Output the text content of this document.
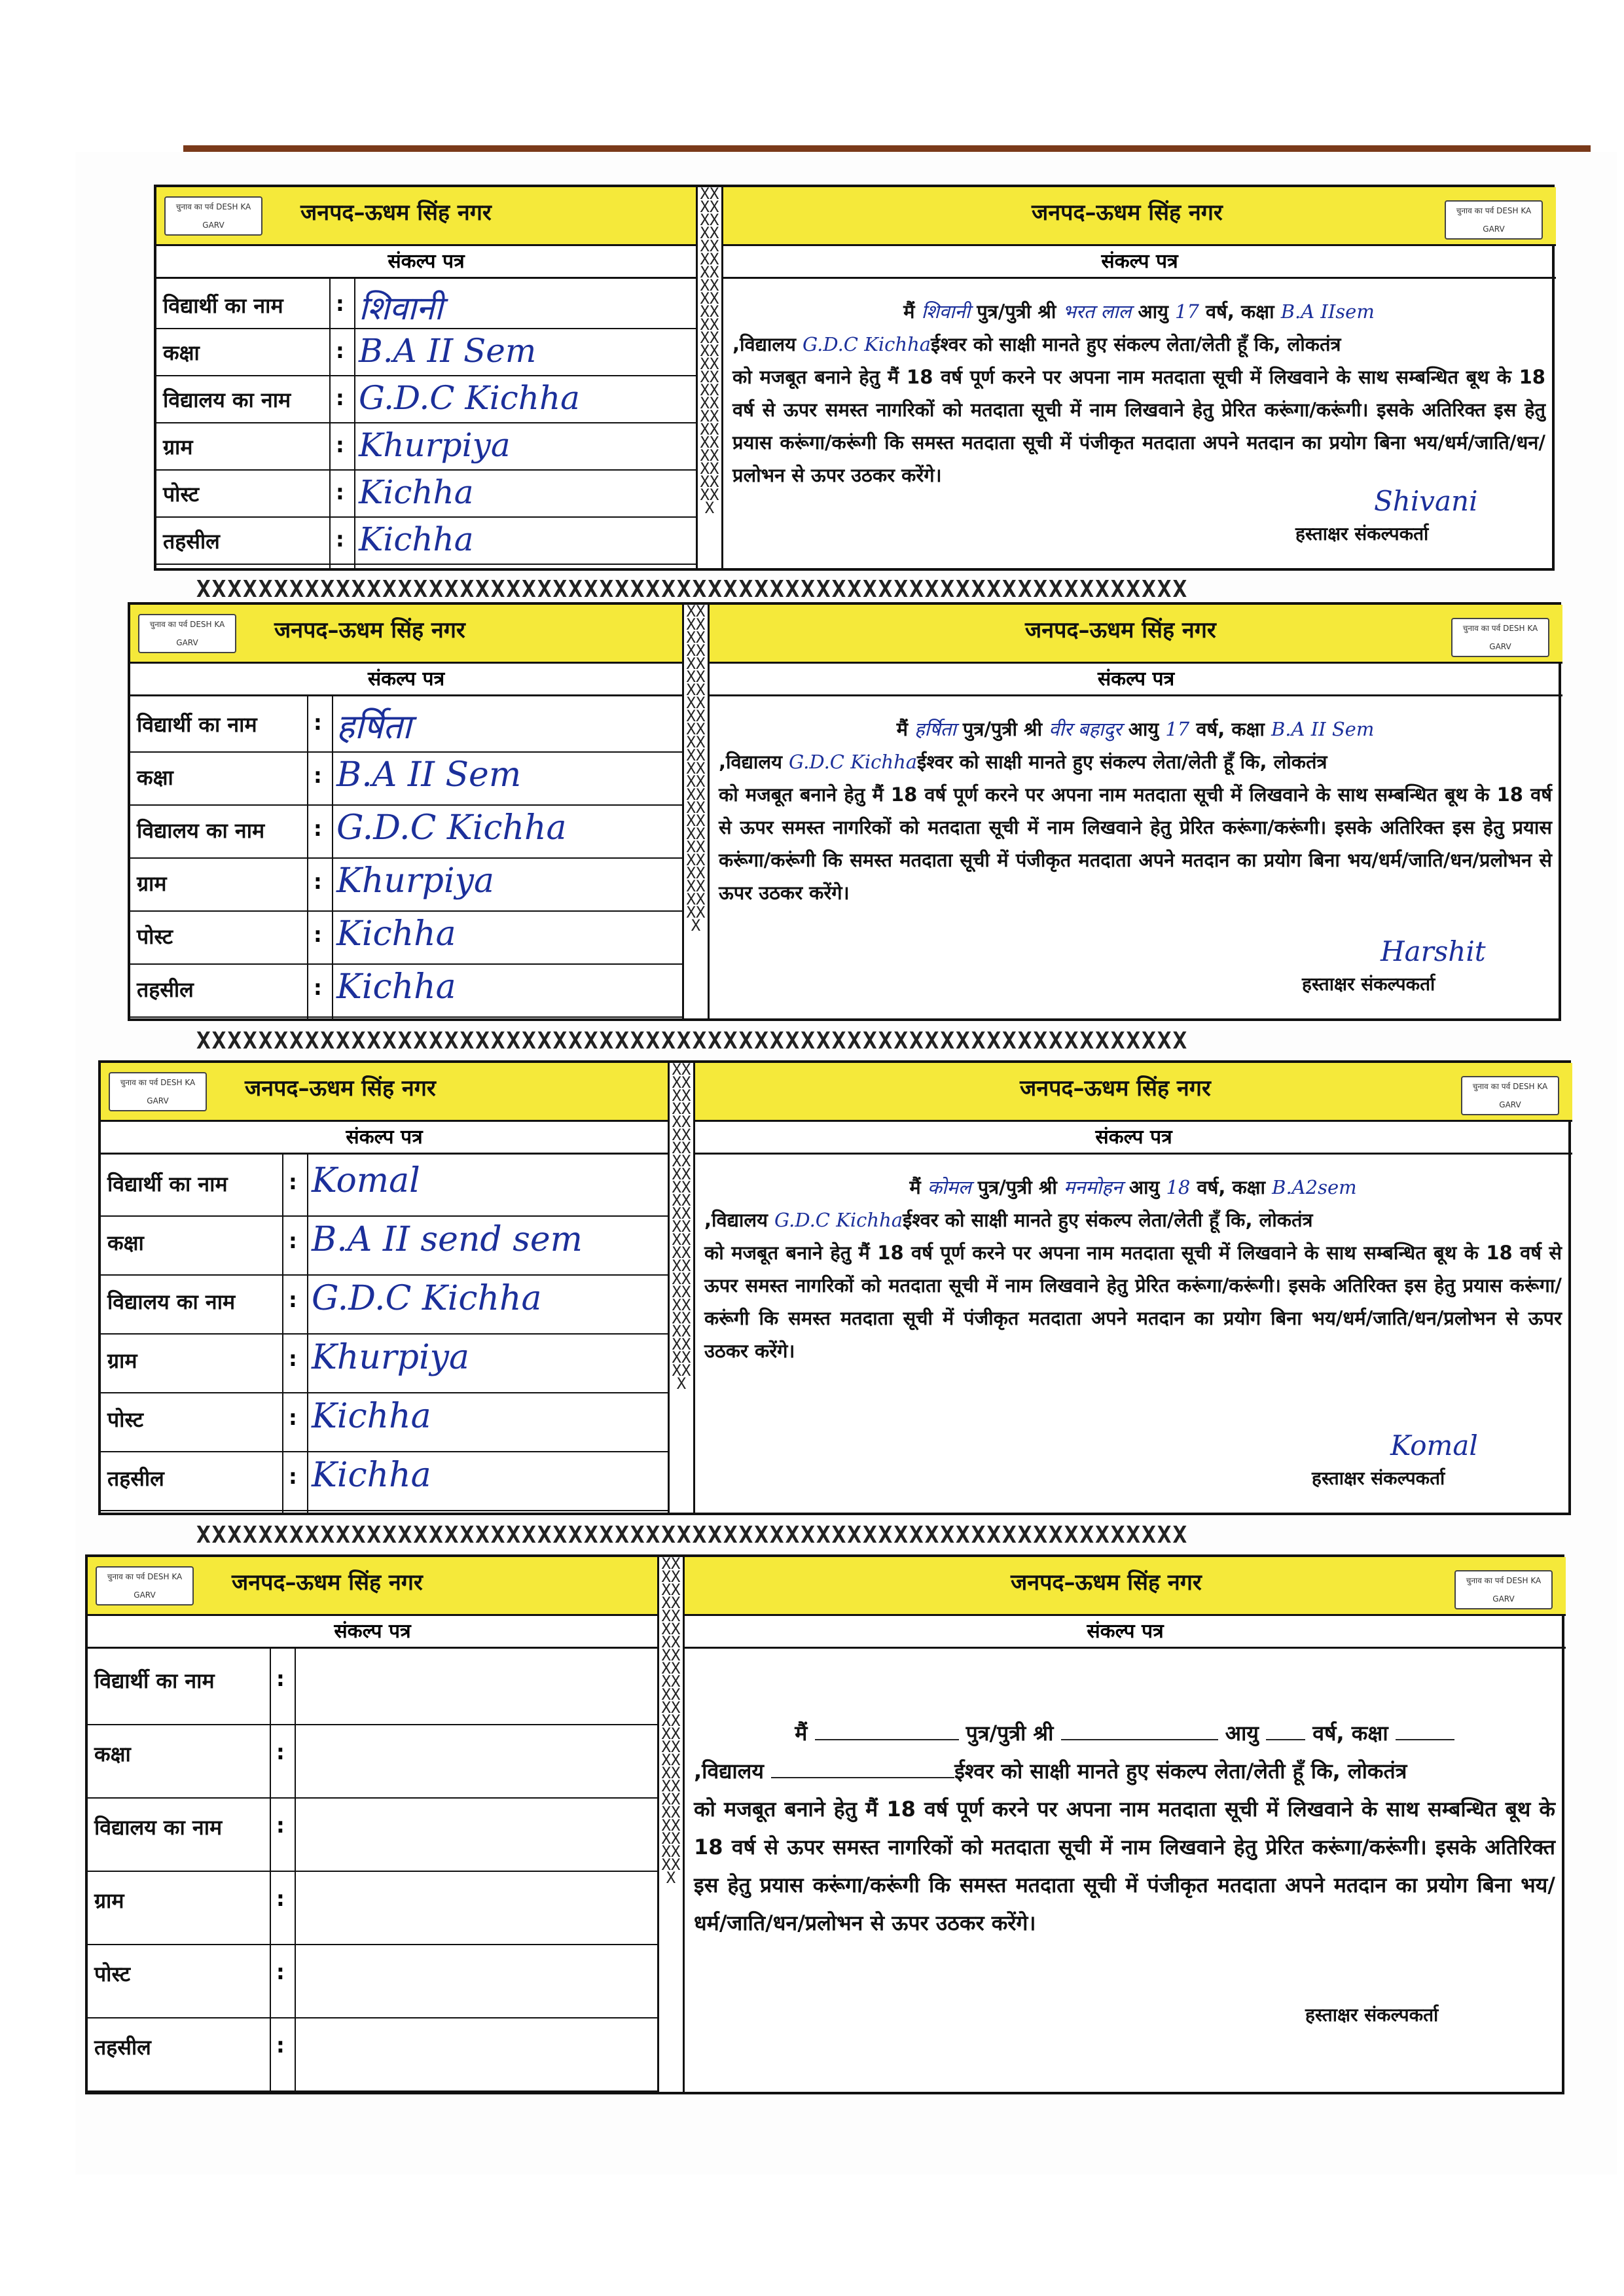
चुनाव का पर्व DESH KA GARV	जनपद–ऊधम सिंह नगर
संकल्प पत्र
XXXXXXXXXXXXXXXXXXXXXXXXXXXXXXXXXXXXXXXXXXXXXXXXX
जनपद–ऊधम सिंह नगर	चुनाव का पर्व DESH KA GARV
संकल्प पत्र
विद्यार्थी का नाम	: शिवानी
कक्षा	: B.A II Sem
विद्यालय का नाम : G.D.C Kichha
ग्राम	: Khurpiya
पोस्ट	: Kichha
तहसील	: Kichha
मैं शिवानी पुत्र/पुत्री श्री भरत लाल आयु 17 वर्ष, कक्षा B.A IIsem
,विद्यालय G.D.C Kichhaईश्वर को साक्षी मानते हुए संकल्प लेता/लेती हूँ कि, लोकतंत्र
को मजबूत बनाने हेतु मैं 18 वर्ष पूर्ण करने पर अपना नाम मतदाता सूची में लिखवाने के साथ सम्बन्धित बूथ के 18 वर्ष से ऊपर समस्त नागरिकों को मतदाता सूची में नाम लिखवाने हेतु प्रेरित करूंगा/करूंगी। इसके अतिरिक्त इस हेतु प्रयास करूंगा/करूंगी कि समस्त मतदाता सूची में पंजीकृत मतदाता अपने मतदान का प्रयोग बिना भय/धर्म/जाति/धन/प्रलोभन से ऊपर उठकर करेंगे।
Shivani
हस्ताक्षर संकल्पकर्ता
चुनाव का पर्व DESH KA GARV	जनपद–ऊधम सिंह नगर
संकल्प पत्र
XXXXXXXXXXXXXXXXXXXXXXXXXXXXXXXXXXXXXXXXXXXXXXXXX
जनपद–ऊधम सिंह नगर	चुनाव का पर्व DESH KA GARV
संकल्प पत्र
विद्यार्थी का नाम	: हर्षिता
कक्षा	: B.A II Sem
विद्यालय का नाम : G.D.C Kichha
ग्राम	: Khurpiya
पोस्ट	: Kichha
तहसील	: Kichha
मैं हर्षिता पुत्र/पुत्री श्री वीर बहादुर आयु 17 वर्ष, कक्षा B.A II Sem
,विद्यालय G.D.C Kichhaईश्वर को साक्षी मानते हुए संकल्प लेता/लेती हूँ कि, लोकतंत्र
को मजबूत बनाने हेतु मैं 18 वर्ष पूर्ण करने पर अपना नाम मतदाता सूची में लिखवाने के साथ सम्बन्धित बूथ के 18 वर्ष से ऊपर समस्त नागरिकों को मतदाता सूची में नाम लिखवाने हेतु प्रेरित करूंगा/करूंगी। इसके अतिरिक्त इस हेतु प्रयास करूंगा/करूंगी कि समस्त मतदाता सूची में पंजीकृत मतदाता अपने मतदान का प्रयोग बिना भय/धर्म/जाति/धन/प्रलोभन से ऊपर उठकर करेंगे।
Harshit
हस्ताक्षर संकल्पकर्ता
चुनाव का पर्व DESH KA GARV	जनपद–ऊधम सिंह नगर
संकल्प पत्र
XXXXXXXXXXXXXXXXXXXXXXXXXXXXXXXXXXXXXXXXXXXXXXXXX
जनपद–ऊधम सिंह नगर	चुनाव का पर्व DESH KA GARV
संकल्प पत्र
विद्यार्थी का नाम	: Komal
कक्षा	: B.A II send sem
विद्यालय का नाम	: G.D.C Kichha
ग्राम	: Khurpiya
पोस्ट	: Kichha
तहसील	: Kichha
मैं कोमल पुत्र/पुत्री श्री मनमोहन आयु 18 वर्ष, कक्षा B.A2sem
,विद्यालय G.D.C Kichhaईश्वर को साक्षी मानते हुए संकल्प लेता/लेती हूँ कि, लोकतंत्र
को मजबूत बनाने हेतु मैं 18 वर्ष पूर्ण करने पर अपना नाम मतदाता सूची में लिखवाने के साथ सम्बन्धित बूथ के 18 वर्ष से ऊपर समस्त नागरिकों को मतदाता सूची में नाम लिखवाने हेतु प्रेरित करूंगा/करूंगी। इसके अतिरिक्त इस हेतु प्रयास करूंगा/करूंगी कि समस्त मतदाता सूची में पंजीकृत मतदाता अपने मतदान का प्रयोग बिना भय/धर्म/जाति/धन/प्रलोभन से ऊपर उठकर करेंगे।
Komal
हस्ताक्षर संकल्पकर्ता
चुनाव का पर्व DESH KA GARV	जनपद–ऊधम सिंह नगर
संकल्प पत्र
XXXXXXXXXXXXXXXXXXXXXXXXXXXXXXXXXXXXXXXXXXXXXXXXX
जनपद–ऊधम सिंह नगर	चुनाव का पर्व DESH KA GARV
संकल्प पत्र
विद्यार्थी का नाम	:
कक्षा	:
विद्यालय का नाम	:
ग्राम	:
पोस्ट	:
तहसील	:
मैं	पुत्र/पुत्री श्री	आयु  वर्ष, कक्षा
,विद्यालय	ईश्वर को साक्षी मानते हुए संकल्प लेता/लेती हूँ कि, लोकतंत्र
को मजबूत बनाने हेतु मैं 18 वर्ष पूर्ण करने पर अपना नाम मतदाता सूची में लिखवाने के साथ सम्बन्धित बूथ के 18 वर्ष से ऊपर समस्त नागरिकों को मतदाता सूची में नाम लिखवाने हेतु प्रेरित करूंगा/करूंगी। इसके अतिरिक्त इस हेतु प्रयास करूंगा/करूंगी कि समस्त मतदाता सूची में पंजीकृत मतदाता अपने मतदान का प्रयोग बिना भय/धर्म/जाति/धन/प्रलोभन से ऊपर उठकर करेंगे।
हस्ताक्षर संकल्पकर्ता
XXXXXXXXXXXXXXXXXXXXXXXXXXXXXXXXXXXXXXXXXXXXXXXXXXXXXXXXXXXXXXXX
XXXXXXXXXXXXXXXXXXXXXXXXXXXXXXXXXXXXXXXXXXXXXXXXXXXXXXXXXXXXXXXX
XXXXXXXXXXXXXXXXXXXXXXXXXXXXXXXXXXXXXXXXXXXXXXXXXXXXXXXXXXXXXXXX
